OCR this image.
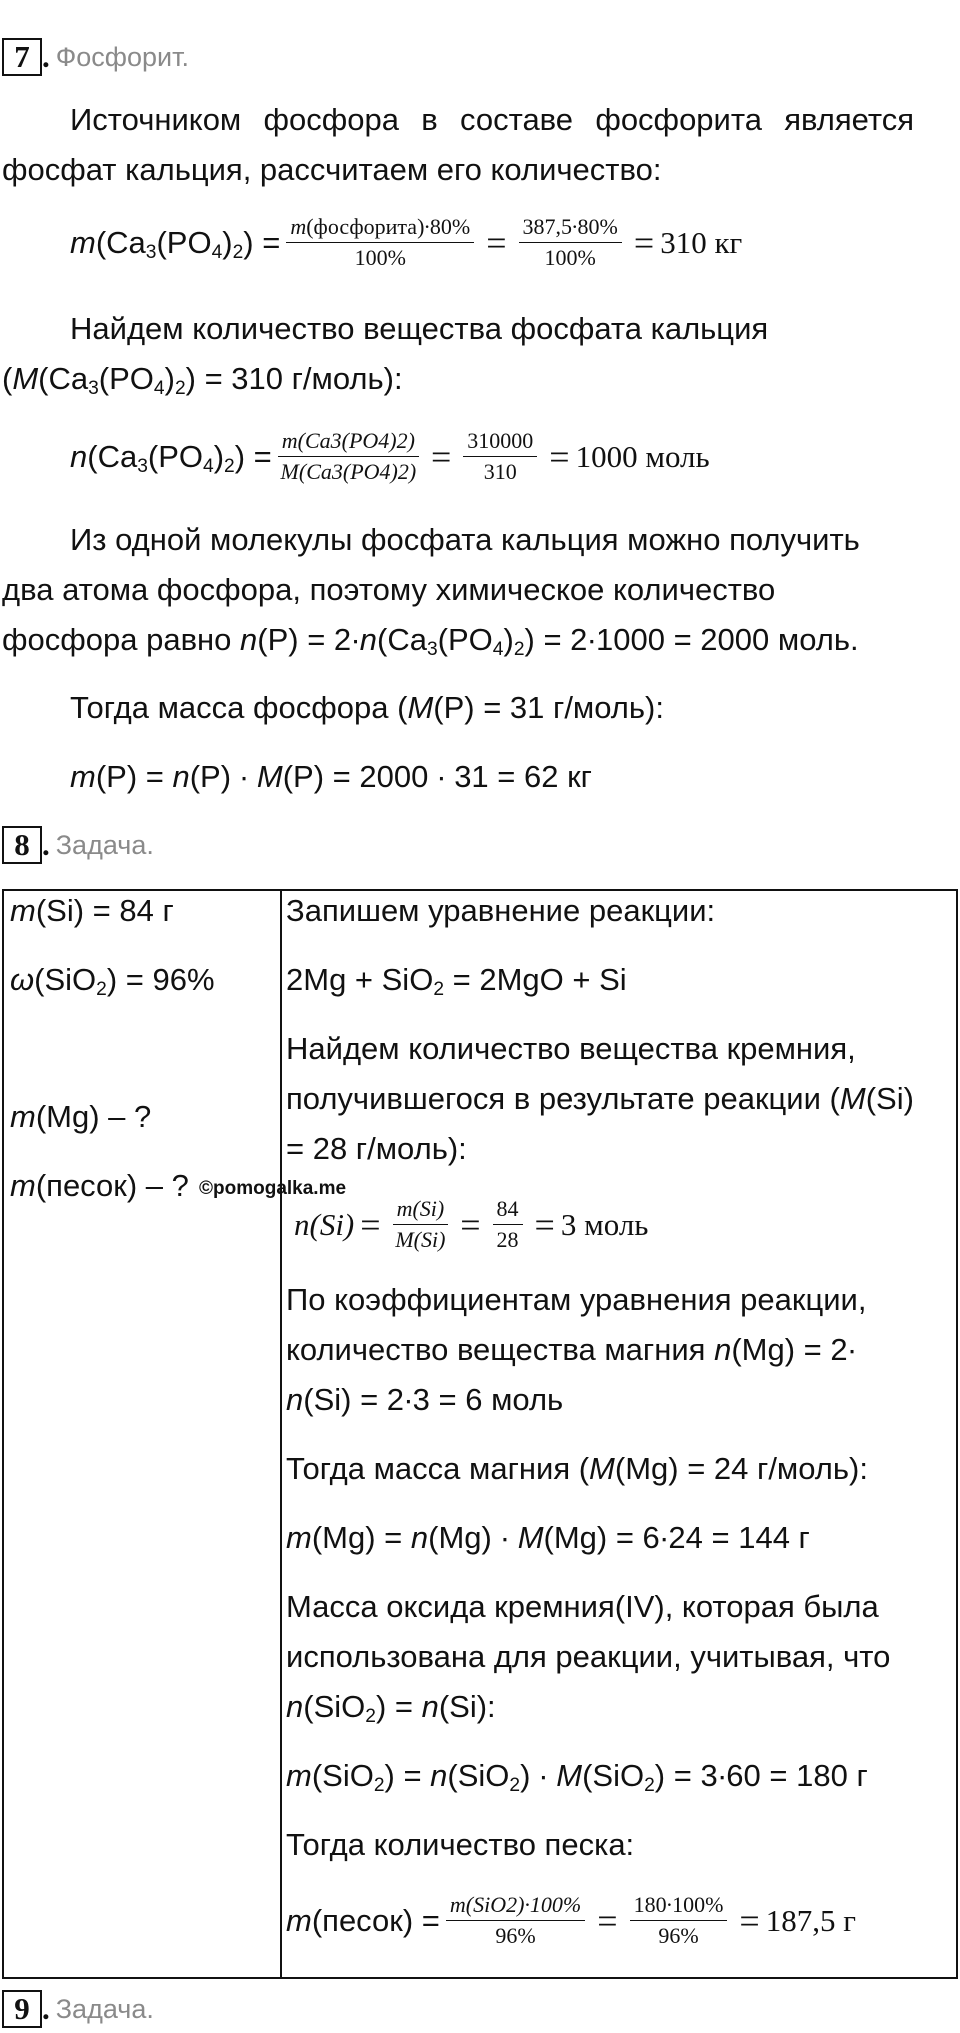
7 . Фосфорит.
Источником фосфора в составе фосфорита является фосфат кальция, рассчитаем его количество:
$m(Ca_3(PO_4)_2) = \frac{\text{m(фосфорита)∙80\%}}{100\%} = \frac{387,5\cdot 80\%}{100\%} = 310$ кг
Найдем количество вещества фосфата кальция
($M(Ca_3(PO_4)_2) = 310$ г/моль):
$n(Ca_3(PO_4)_2) = \frac{m(Ca3(PO4)2)}{M(Ca3(PO4)2)} = \frac{310000}{310} = 1000$ моль
Из одной молекулы фосфата кальция можно получить
два атома фосфора, поэтому химическое количество
фосфора равно $n(P) = 2\cdot n(Ca_3(PO_4)_2) = 2\cdot 1000 = 2000$ моль.
Тогда масса фосфора (M(P) = 31 г/моль):
m(P) = n(P) ∙ M(P) = 2000 ∙ 31 = 62 кг
8 . Задача.
m(Si) = 84 г
ω(SiO$_2$) = 96%
m(Mg) – ?
m(песок) – ? ©pomogalka.me
Запишем уравнение реакции:
2Mg + SiO$_2$ = 2MgO + Si
Найдем количество вещества кремния,
получившегося в результате реакции (M(Si)
= 28 г/моль):
$n(Si) = \frac{m(Si)}{M(Si)} = \frac{84}{28} = 3$ моль
По коэффициентам уравнения реакции,
количество вещества магния n(Mg) = 2∙
n(Si) = 2∙3 = 6 моль
Тогда масса магния (M(Mg) = 24 г/моль):
m(Mg) = n(Mg) ∙ M(Mg) = 6∙24 = 144 г
Масса оксида кремния(IV), которая была
использована для реакции, учитывая, что
n(SiO$_2$) = n(Si):
m(SiO$_2$) = n(SiO$_2$) ∙ M(SiO$_2$) = 3∙60 = 180 г
Тогда количество песка:
m(песок) = $\frac{\text{m(SiO2)∙100\%}}{96\%} = \frac{180\cdot 100\%}{96\%} = 187,5$ г
9 . Задача.
